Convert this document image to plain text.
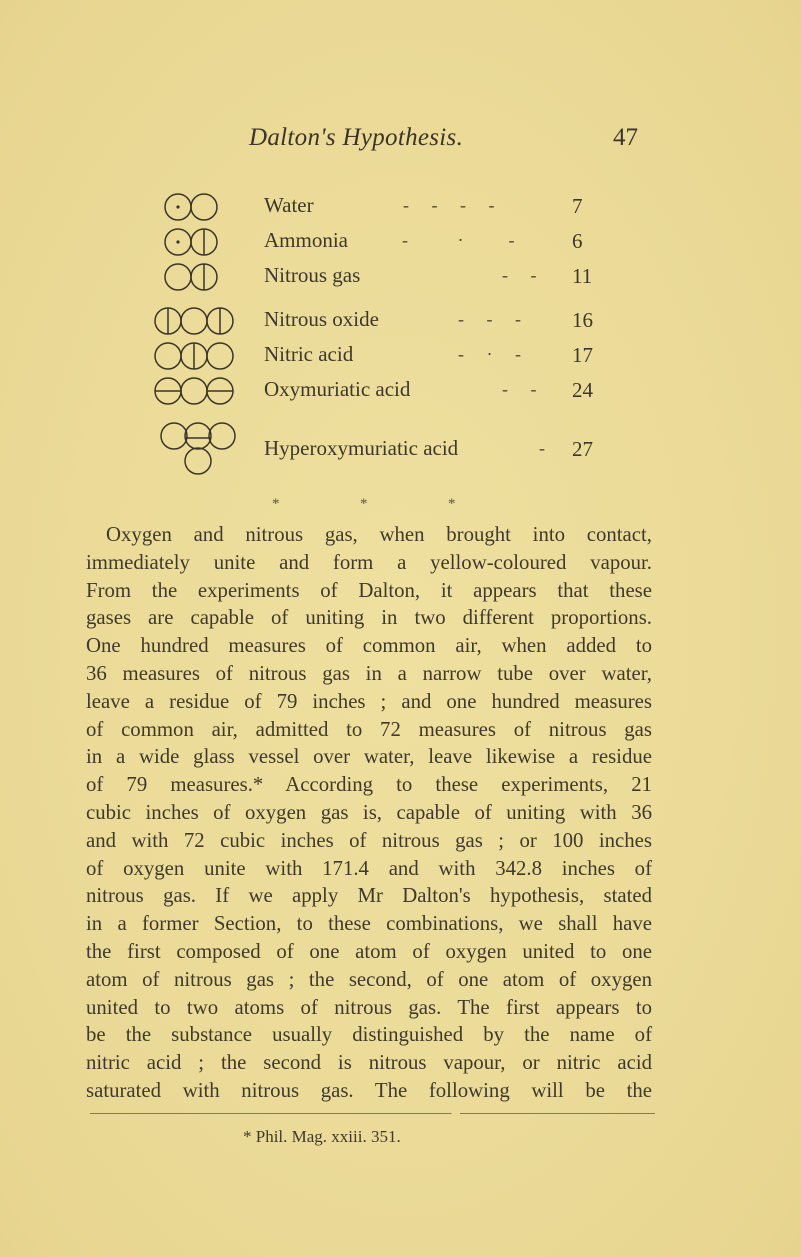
Dalton's Hypothesis.	47
Water	-     -     -     -	7
Ammonia	-           ·          -	6
Nitrous gas	-     - 11
Nitrous oxide	-     -     - 16
Nitric acid	-     ·     - 17
Oxymuriatic acid	-     - 24
Hyperoxymuriatic acid	- 27
*	*	*
Oxygen and nitrous gas, when brought into contact,
immediately unite and form a yellow-coloured vapour.
From the experiments of Dalton, it appears that these
gases are capable of uniting in two different proportions.
One hundred measures of common air, when added to
36 measures of nitrous gas in a narrow tube over water,
leave a residue of 79 inches ; and one hundred measures
of common air, admitted to 72 measures of nitrous gas
in a wide glass vessel over water, leave likewise a residue
of 79 measures.* According to these experiments, 21
cubic inches of oxygen gas is, capable of uniting with 36
and with 72 cubic inches of nitrous gas ; or 100 inches
of oxygen unite with 171.4 and with 342.8 inches of
nitrous gas. If we apply Mr Dalton's hypothesis, stated
in a former Section, to these combinations, we shall have
the first composed of one atom of oxygen united to one
atom of nitrous gas ; the second, of one atom of oxygen
united to two atoms of nitrous gas. The first appears to
be the substance usually distinguished by the name of
nitric acid ; the second is nitrous vapour, or nitric acid
saturated with nitrous gas. The following will be the
* Phil. Mag. xxiii. 351.
